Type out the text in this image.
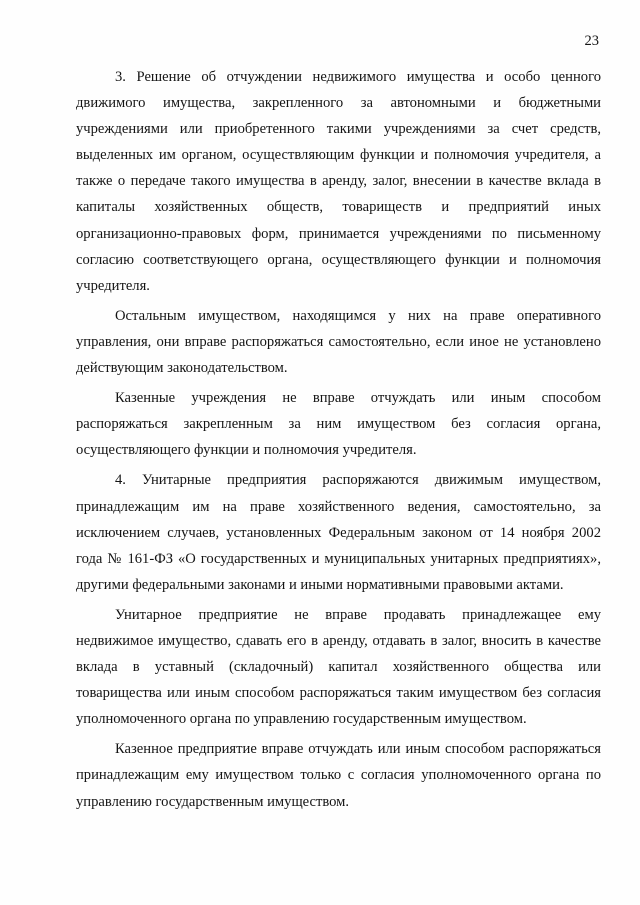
23

3. Решение об отчуждении недвижимого имущества и особо ценного движимого имущества, закрепленного за автономными и бюджетными учреждениями или приобретенного такими учреждениями за счет средств, выделенных им органом, осуществляющим функции и полномочия учредителя, а также о передаче такого имущества в аренду, залог, внесении в качестве вклада в капиталы хозяйственных обществ, товариществ и предприятий иных организационно-правовых форм, принимается учреждениями по письменному согласию соответствующего органа, осуществляющего функции и полномочия учредителя.

Остальным имуществом, находящимся у них на праве оперативного управления, они вправе распоряжаться самостоятельно, если иное не установлено действующим законодательством.

Казенные учреждения не вправе отчуждать или иным способом распоряжаться закрепленным за ним имуществом без согласия органа, осуществляющего функции и полномочия учредителя.

4. Унитарные предприятия распоряжаются движимым имуществом, принадлежащим им на праве хозяйственного ведения, самостоятельно, за исключением случаев, установленных Федеральным законом от 14 ноября 2002 года № 161-ФЗ «О государственных и муниципальных унитарных предприятиях», другими федеральными законами и иными нормативными правовыми актами.

Унитарное предприятие не вправе продавать принадлежащее ему недвижимое имущество, сдавать его в аренду, отдавать в залог, вносить в качестве вклада в уставный (складочный) капитал хозяйственного общества или товарищества или иным способом распоряжаться таким имуществом без согласия уполномоченного органа по управлению государственным имуществом.

Казенное предприятие вправе отчуждать или иным способом распоряжаться принадлежащим ему имуществом только с согласия уполномоченного органа по управлению государственным имуществом.
